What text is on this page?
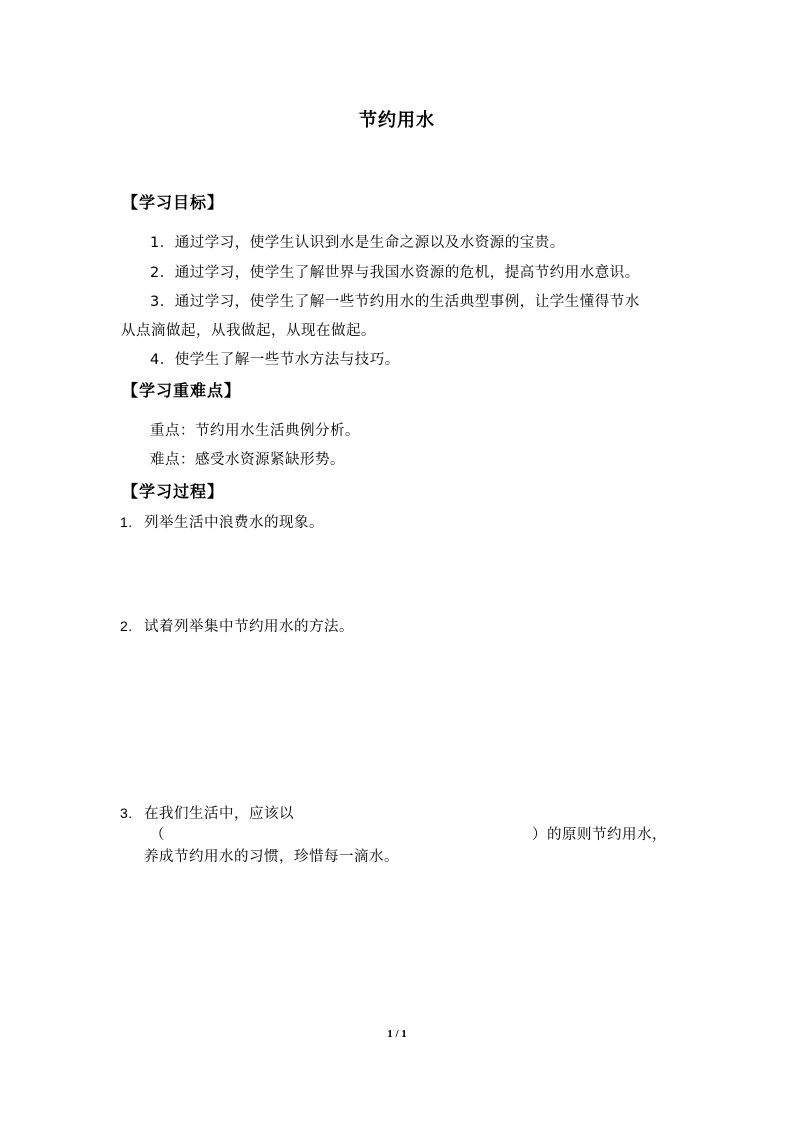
节约用水
【学习目标】
1．通过学习，使学生认识到水是生命之源以及水资源的宝贵。
2．通过学习，使学生了解世界与我国水资源的危机，提高节约用水意识。
3．通过学习，使学生了解一些节约用水的生活典型事例，让学生懂得节水
从点滴做起，从我做起，从现在做起。
4．使学生了解一些节水方法与技巧。
【学习重难点】
重点：节约用水生活典例分析。
难点：感受水资源紧缺形势。
【学习过程】
1. 列举生活中浪费水的现象。
2. 试着列举集中节约用水的方法。
3. 在我们生活中，应该以
（	）的原则节约用水，
养成节约用水的习惯，珍惜每一滴水。
1 / 1
